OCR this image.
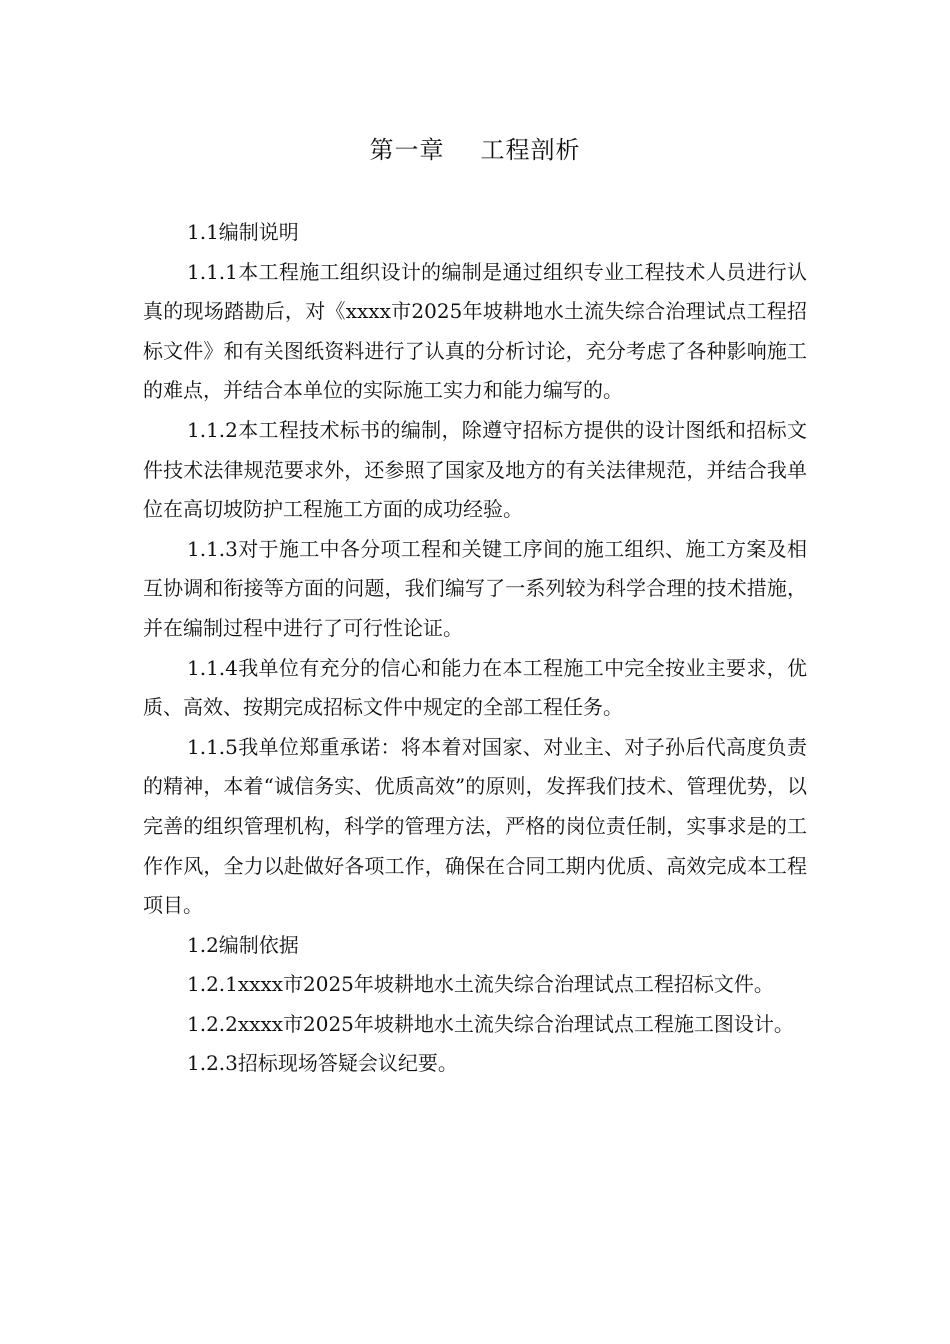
第一章 工程剖析

1.1编制说明

1.1.1本工程施工组织设计的编制是通过组织专业工程技术人员进行认真的现场踏勘后，对《xxxx市2025年坡耕地水土流失综合治理试点工程招标文件》和有关图纸资料进行了认真的分析讨论，充分考虑了各种影响施工的难点，并结合本单位的实际施工实力和能力编写的。

1.1.2本工程技术标书的编制，除遵守招标方提供的设计图纸和招标文件技术法律规范要求外，还参照了国家及地方的有关法律规范，并结合我单位在高切坡防护工程施工方面的成功经验。

1.1.3对于施工中各分项工程和关键工序间的施工组织、施工方案及相互协调和衔接等方面的问题，我们编写了一系列较为科学合理的技术措施，并在编制过程中进行了可行性论证。

1.1.4我单位有充分的信心和能力在本工程施工中完全按业主要求，优质、高效、按期完成招标文件中规定的全部工程任务。

1.1.5我单位郑重承诺：将本着对国家、对业主、对子孙后代高度负责的精神，本着“诚信务实、优质高效”的原则，发挥我们技术、管理优势，以完善的组织管理机构，科学的管理方法，严格的岗位责任制，实事求是的工作作风，全力以赴做好各项工作，确保在合同工期内优质、高效完成本工程项目。

1.2编制依据

1.2.1xxxx市2025年坡耕地水土流失综合治理试点工程招标文件。

1.2.2xxxx市2025年坡耕地水土流失综合治理试点工程施工图设计。

1.2.3招标现场答疑会议纪要。
